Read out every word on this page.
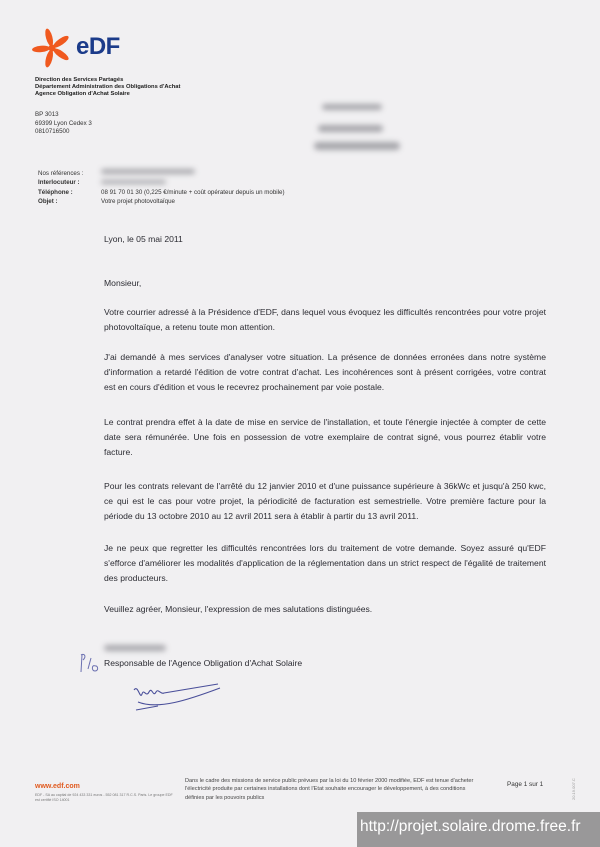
eDF
Direction des Services Partagés
Département Administration des Obligations d'Achat
Agence Obligation d'Achat Solaire
BP 3013
69399 Lyon Cedex 3
0810716500
Nos références :
Interlocuteur :
Téléphone :	08 91 70 01 30 (0,225 €/minute + coût opérateur depuis un mobile)
Objet :	Votre projet photovoltaïque
Lyon, le 05 mai 2011
Monsieur,
Votre courrier adressé à la Présidence d'EDF, dans lequel vous évoquez les difficultés rencontrées pour votre projet photovoltaïque, a retenu toute mon attention.
J'ai demandé à mes services d'analyser votre situation. La présence de données erronées dans notre système d'information a retardé l'édition de votre contrat d'achat. Les incohérences sont à présent corrigées, votre contrat est en cours d'édition et vous le recevrez prochainement par voie postale.
Le contrat prendra effet à la date de mise en service de l'installation, et toute l'énergie injectée à compter de cette date sera rémunérée. Une fois en possession de votre exemplaire de contrat signé, vous pourrez établir votre facture.
Pour les contrats relevant de l'arrêté du 12 janvier 2010 et d'une puissance supérieure à 36kWc et jusqu'à 250 kwc, ce qui est le cas pour votre projet, la périodicité de facturation est semestrielle. Votre première facture pour la période du 13 octobre 2010 au 12 avril 2011 sera à établir à partir du 13 avril 2011.
Je ne peux que regretter les difficultés rencontrées lors du traitement de votre demande. Soyez assuré qu'EDF s'efforce d'améliorer les modalités d'application de la réglementation dans un strict respect de l'égalité de traitement des producteurs.
Veuillez agréer, Monsieur, l'expression de mes salutations distinguées.
Responsable de l'Agence Obligation d'Achat Solaire
www.edf.com
EDF - SA au capital de 924 433 331 euros - 552 081 317 R.C.S. Paris. Le groupe EDF est certifié ISO 14001
Dans le cadre des missions de service public prévues par la loi du 10 février 2000 modifiée, EDF est tenue d'acheter l'électricité produite par certaines installations dont l'Etat souhaite encourager le développement, à des conditions définies par les pouvoirs publics
Page 1 sur 1	20.19.007.C
http://projet.solaire.drome.free.fr
